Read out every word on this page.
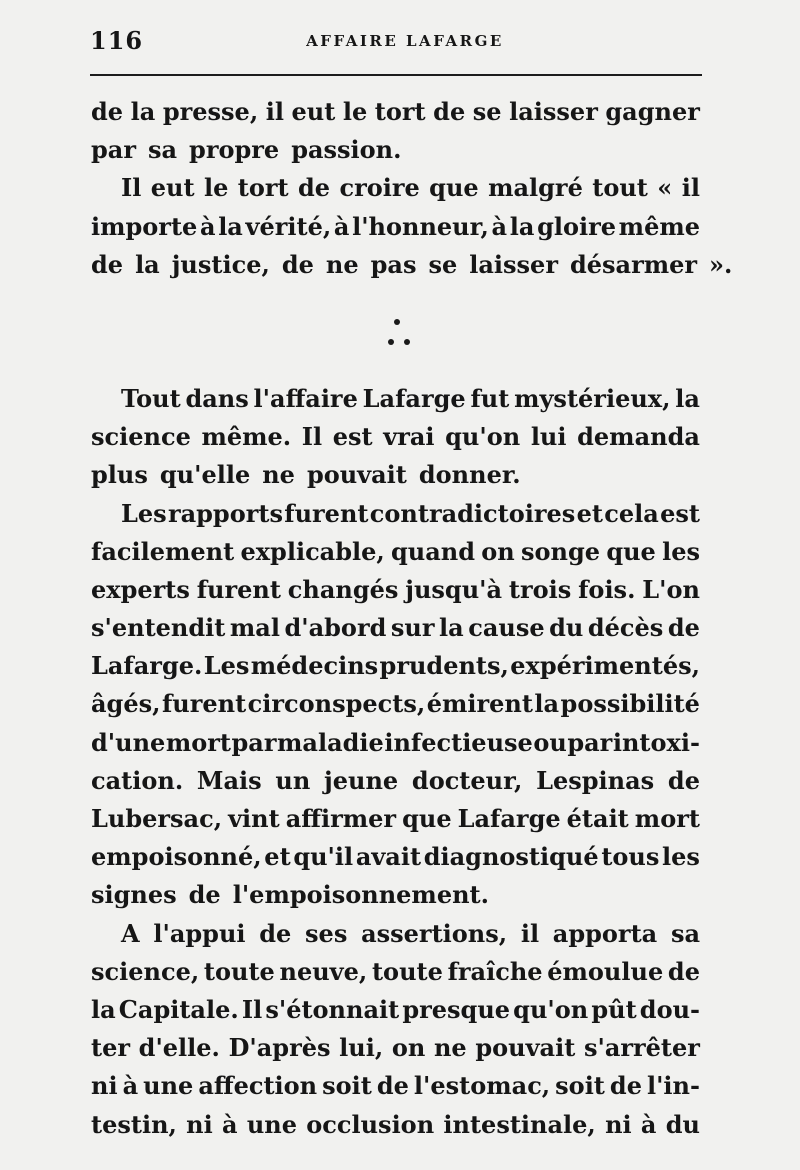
116	AFFAIRE LAFARGE
de la presse, il eut le tort de se laisser gagner
par sa propre passion.
Il eut le tort de croire que malgré tout « il
importe à la vérité, à l'honneur, à la gloire même
de la justice, de ne pas se laisser désarmer ».
Tout dans l'affaire Lafarge fut mystérieux, la
science même. Il est vrai qu'on lui demanda
plus qu'elle ne pouvait donner.
Les rapports furent contradictoires et cela est
facilement explicable, quand on songe que les
experts furent changés jusqu'à trois fois. L'on
s'entendit mal d'abord sur la cause du décès de
Lafarge. Les médecins prudents, expérimentés,
âgés, furent circonspects, émirent la possibilité
d'une mort par maladie infectieuse ou par intoxi-
cation. Mais un jeune docteur, Lespinas de
Lubersac, vint affirmer que Lafarge était mort
empoisonné, et qu'il avait diagnostiqué tous les
signes de l'empoisonnement.
A l'appui de ses assertions, il apporta sa
science, toute neuve, toute fraîche émoulue de
la Capitale. Il s'étonnait presque qu'on pût dou-
ter d'elle. D'après lui, on ne pouvait s'arrêter
ni à une affection soit de l'estomac, soit de l'in-
testin, ni à une occlusion intestinale, ni à du
